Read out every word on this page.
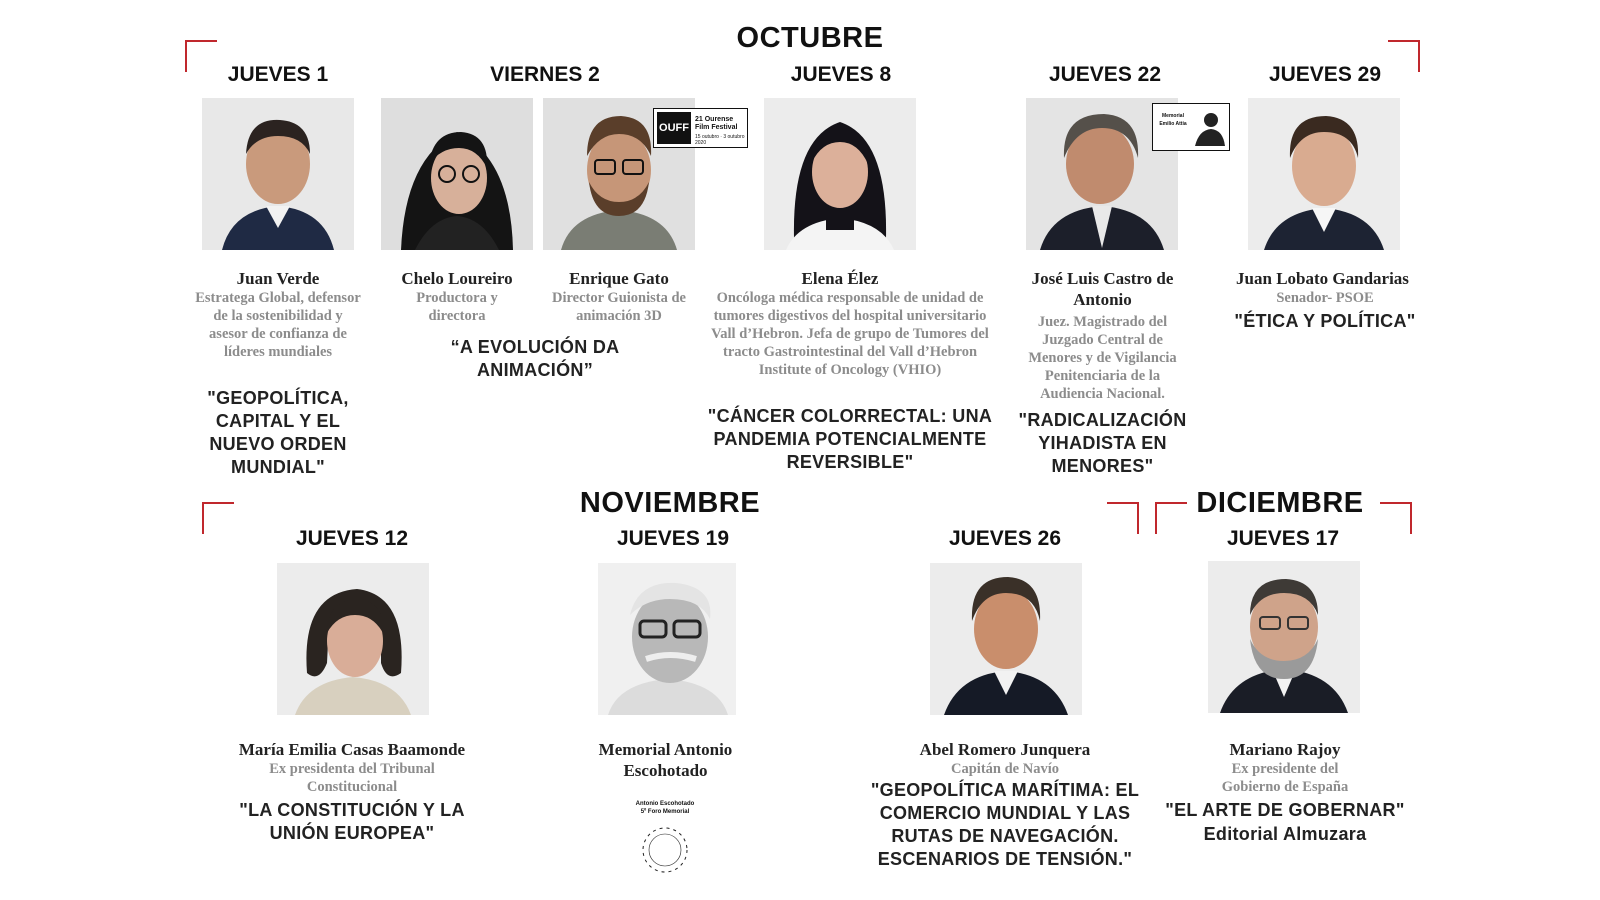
OCTUBRE
NOVIEMBRE	DICIEMBRE
JUEVES 1
Juan Verde
Estratega Global, defensor de la sostenibilidad y asesor de confianza de líderes mundiales
"GEOPOLÍTICA, CAPITAL Y EL NUEVO ORDEN MUNDIAL"
VIERNES 2
OUFF
21 Ourense Film Festival
15 outubro · 3 outubro 2020
Chelo Loureiro
Productora y directora
Enrique Gato
Director Guionista de animación 3D
“A EVOLUCIÓN DA ANIMACIÓN”
JUEVES 8
Elena Élez
Oncóloga médica responsable de unidad de tumores digestivos del hospital universitario Vall d’Hebron. Jefa de grupo de Tumores del tracto Gastrointestinal del Vall d’Hebron Institute of Oncology (VHIO)
"CÁNCER COLORRECTAL: UNA PANDEMIA POTENCIALMENTE REVERSIBLE"
JUEVES 22
Memorial
Emilio Attia
José Luis Castro de Antonio
Juez. Magistrado del Juzgado Central de Menores y de Vigilancia Penitenciaria de la Audiencia Nacional.
"RADICALIZACIÓN YIHADISTA EN MENORES"
JUEVES 29
Juan Lobato Gandarias
Senador- PSOE
"ÉTICA Y POLÍTICA"
JUEVES 12
María Emilia Casas Baamonde
Ex presidenta del Tribunal Constitucional
"LA CONSTITUCIÓN Y LA UNIÓN EUROPEA"
JUEVES 19
Memorial Antonio Escohotado
Antonio Escohotado
5º Foro Memorial
JUEVES 26
Abel Romero Junquera
Capitán de Navío
"GEOPOLÍTICA MARÍTIMA: EL COMERCIO MUNDIAL Y LAS RUTAS DE NAVEGACIÓN. ESCENARIOS DE TENSIÓN."
JUEVES 17
Mariano Rajoy
Ex presidente del Gobierno de España
"EL ARTE DE GOBERNAR"
Editorial Almuzara
